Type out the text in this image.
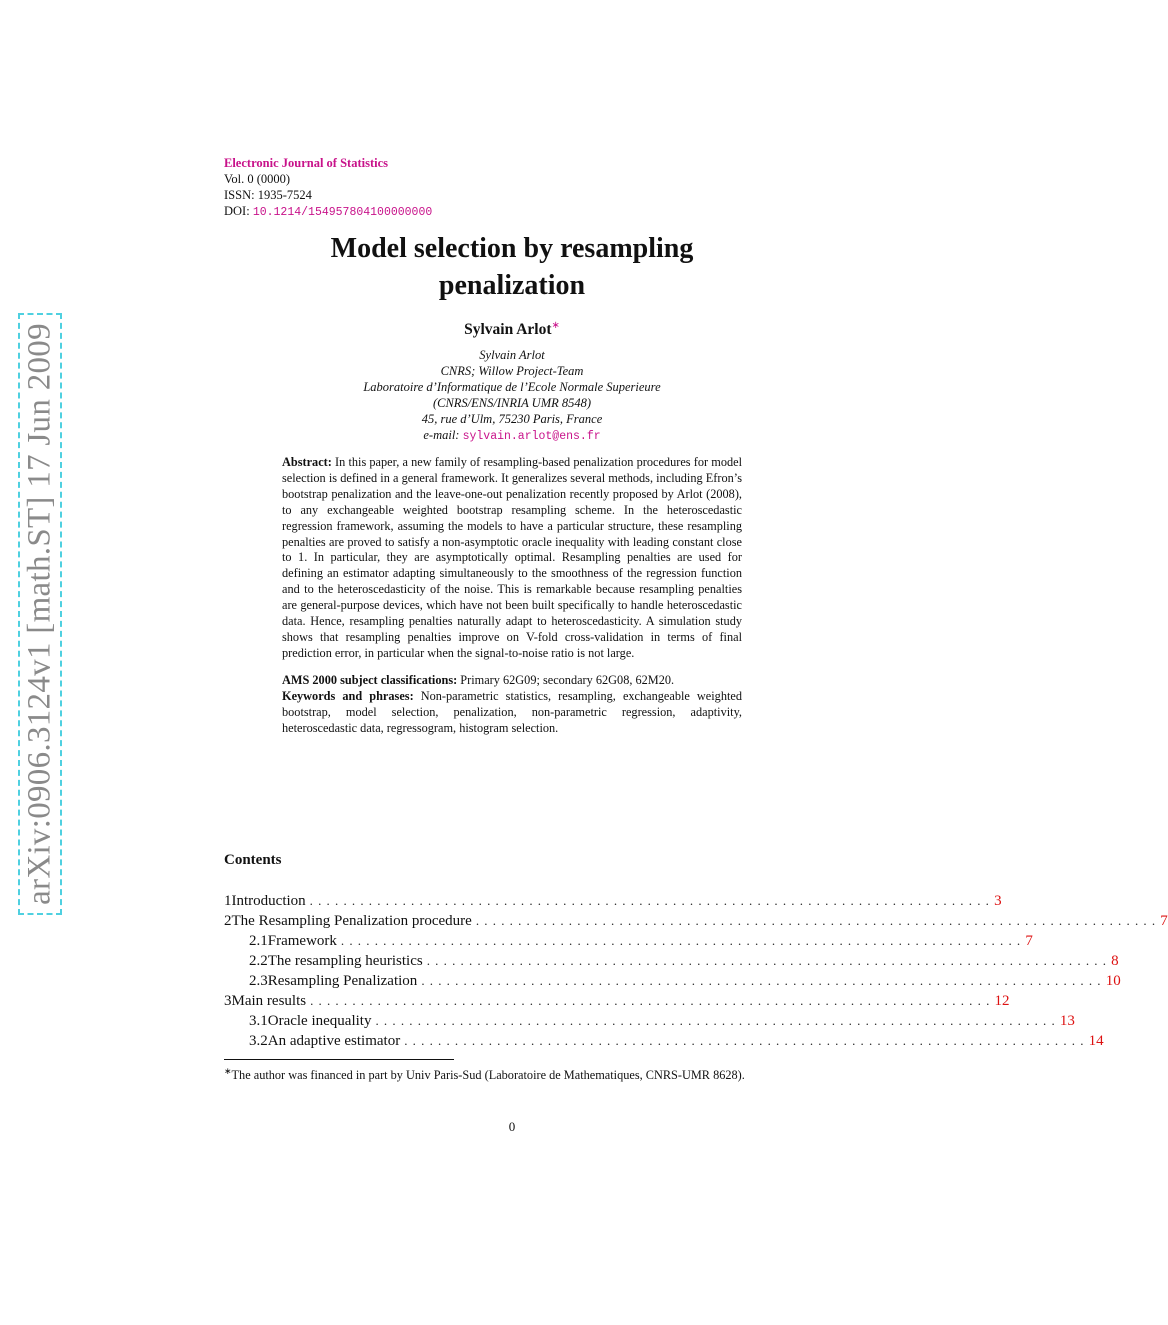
arXiv:0906.3124v1 [math.ST] 17 Jun 2009
Electronic Journal of Statistics
Vol. 0 (0000)
ISSN: 1935-7524
DOI: 10.1214/154957804100000000
Model selection by resampling
penalization
Sylvain Arlot∗
Sylvain Arlot
CNRS; Willow Project-Team
Laboratoire d’Informatique de l’Ecole Normale Superieure
(CNRS/ENS/INRIA UMR 8548)
45, rue d’Ulm, 75230 Paris, France
e-mail: sylvain.arlot@ens.fr

Abstract: In this paper, a new family of resampling-based penalization procedures for model selection is defined in a general framework. It generalizes several methods, including Efron’s bootstrap penalization and the leave-one-out penalization recently proposed by Arlot (2008), to any exchangeable weighted bootstrap resampling scheme. In the heteroscedastic regression framework, assuming the models to have a particular structure, these resampling penalties are proved to satisfy a non-asymptotic oracle inequality with leading constant close to 1. In particular, they are asymptotically optimal. Resampling penalties are used for defining an estimator adapting simultaneously to the smoothness of the regression function and to the heteroscedasticity of the noise. This is remarkable because resampling penalties are general-purpose devices, which have not been built specifically to handle heteroscedastic data. Hence, resampling penalties naturally adapt to heteroscedasticity. A simulation study shows that resampling penalties improve on V-fold cross-validation in terms of final prediction error, in particular when the signal-to-noise ratio is not large.

AMS 2000 subject classifications: Primary 62G09; secondary 62G08, 62M20.

Keywords and phrases: Non-parametric statistics, resampling, exchangeable weighted bootstrap, model selection, penalization, non-parametric regression, adaptivity, heteroscedastic data, regressogram, histogram selection.

Contents
1 Introduction ................................................................................. 3
2 The Resampling Penalization procedure ................................................................................. 7
2.1 Framework ................................................................................. 7
2.2 The resampling heuristics ................................................................................. 8
2.3 Resampling Penalization ................................................................................. 10
3 Main results ................................................................................. 12
3.1 Oracle inequality ................................................................................. 13
3.2 An adaptive estimator ................................................................................. 14
∗The author was financed in part by Univ Paris-Sud (Laboratoire de Mathematiques, CNRS-UMR 8628).
0
